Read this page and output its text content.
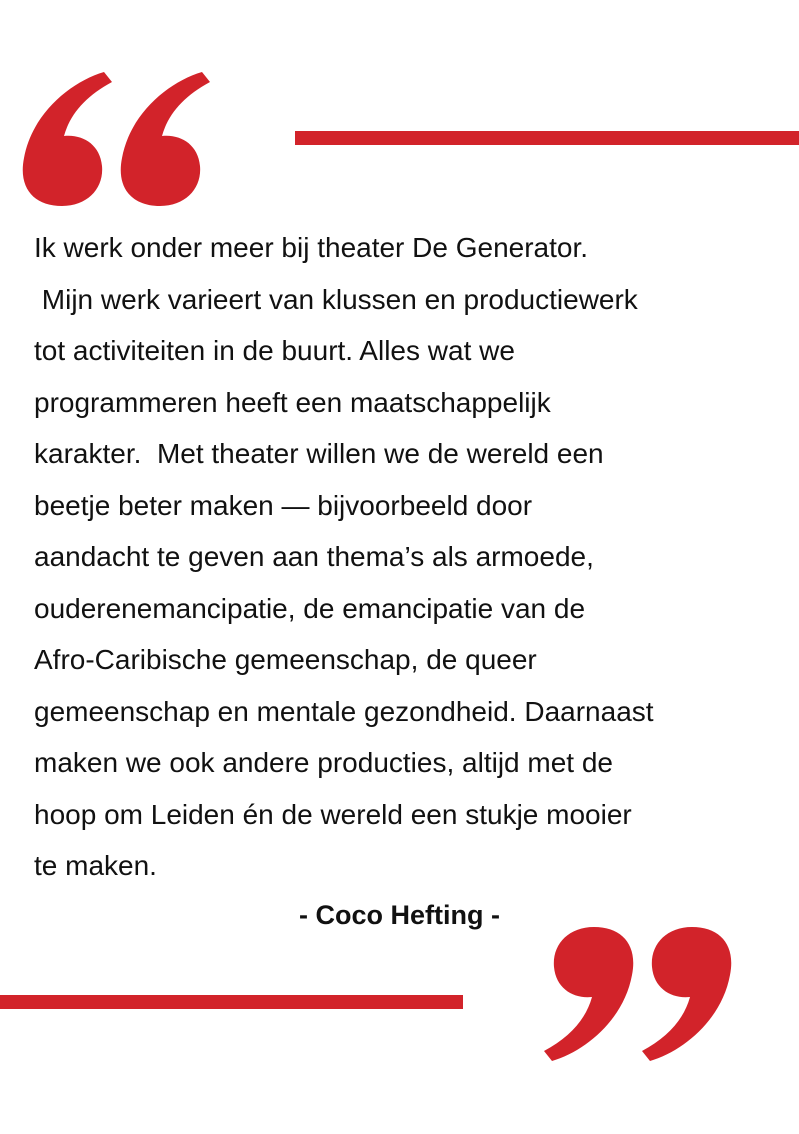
Ik werk onder meer bij theater De Generator.
Mijn werk varieert van klussen en productiewerk
tot activiteiten in de buurt. Alles wat we
programmeren heeft een maatschappelijk
karakter.  Met theater willen we de wereld een
beetje beter maken — bijvoorbeeld door
aandacht te geven aan thema’s als armoede,
ouderenemancipatie, de emancipatie van de
Afro-Caribische gemeenschap, de queer
gemeenschap en mentale gezondheid. Daarnaast
maken we ook andere producties, altijd met de
hoop om Leiden én de wereld een stukje mooier
te maken.

- Coco Hefting -
